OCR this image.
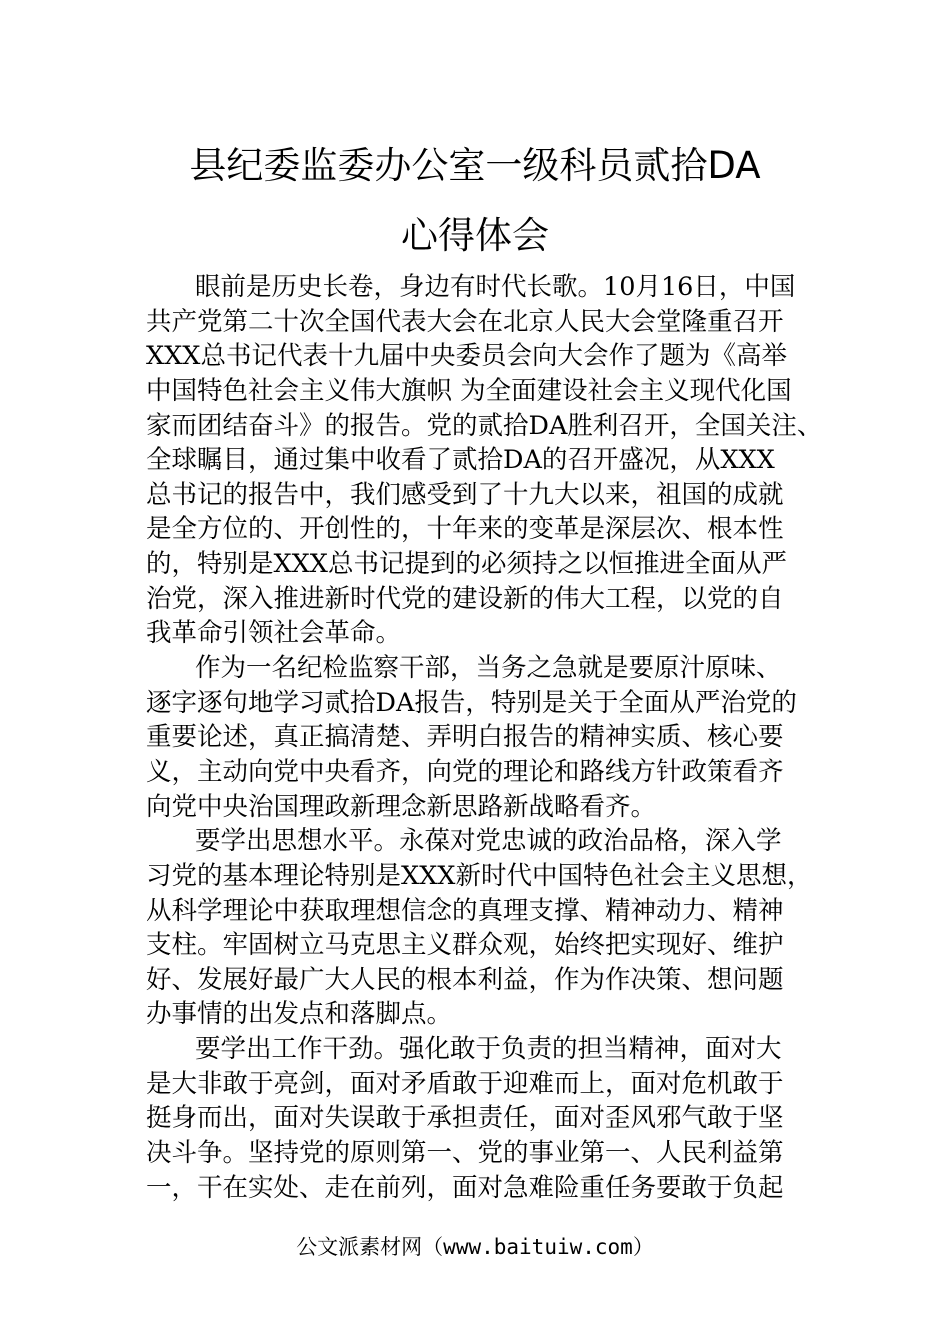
县纪委监委办公室一级科员贰拾DA
心得体会
眼前是历史长卷，身边有时代长歌。10月16日，中国
共产党第二十次全国代表大会在北京人民大会堂隆重召开
XXX总书记代表十九届中央委员会向大会作了题为《高举
中国特色社会主义伟大旗帜 为全面建设社会主义现代化国
家而团结奋斗》的报告。党的贰拾DA胜利召开，全国关注、
全球瞩目，通过集中收看了贰拾DA的召开盛况，从XXX
总书记的报告中，我们感受到了十九大以来，祖国的成就
是全方位的、开创性的，十年来的变革是深层次、根本性
的，特别是XXX总书记提到的必须持之以恒推进全面从严
治党，深入推进新时代党的建设新的伟大工程，以党的自
我革命引领社会革命。
作为一名纪检监察干部，当务之急就是要原汁原味、
逐字逐句地学习贰拾DA报告，特别是关于全面从严治党的
重要论述，真正搞清楚、弄明白报告的精神实质、核心要
义，主动向党中央看齐，向党的理论和路线方针政策看齐
向党中央治国理政新理念新思路新战略看齐。
要学出思想水平。永葆对党忠诚的政治品格，深入学
习党的基本理论特别是XXX新时代中国特色社会主义思想，
从科学理论中获取理想信念的真理支撑、精神动力、精神
支柱。牢固树立马克思主义群众观，始终把实现好、维护
好、发展好最广大人民的根本利益，作为作决策、想问题
办事情的出发点和落脚点。
要学出工作干劲。强化敢于负责的担当精神，面对大
是大非敢于亮剑，面对矛盾敢于迎难而上，面对危机敢于
挺身而出，面对失误敢于承担责任，面对歪风邪气敢于坚
决斗争。坚持党的原则第一、党的事业第一、人民利益第
一，干在实处、走在前列，面对急难险重任务要敢于负起
公文派素材网（www.baituiw.com）
